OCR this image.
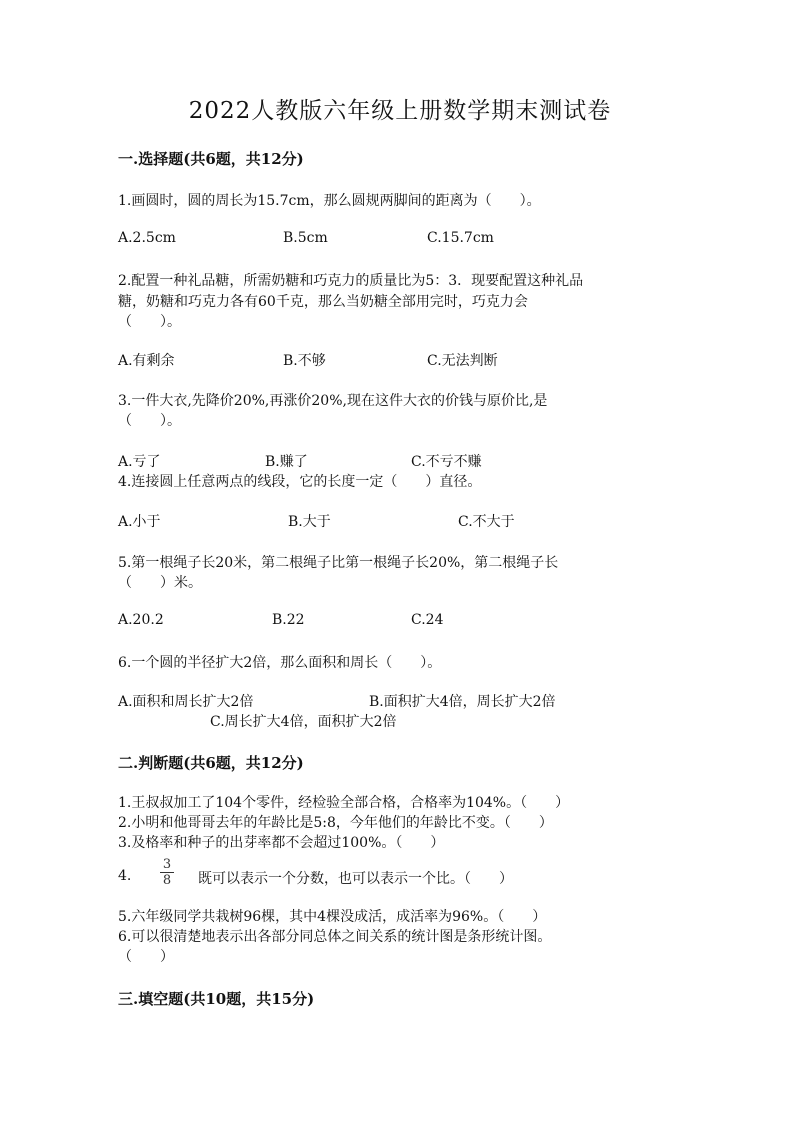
2022人教版六年级上册数学期末测试卷
一.选择题(共6题，共12分)
1.画圆时，圆的周长为15.7cm，那么圆规两脚间的距离为（　　）。
A.2.5cm	B.5cm	C.15.7cm
2.配置一种礼品糖，所需奶糖和巧克力的质量比为5：3．现要配置这种礼品
糖，奶糖和巧克力各有60千克，那么当奶糖全部用完时，巧克力会
（　　）。
A.有剩余	B.不够	C.无法判断
3.一件大衣,先降价20%,再涨价20%,现在这件大衣的价钱与原价比,是
（　　）。
A.亏了	B.赚了	C.不亏不赚
4.连接圆上任意两点的线段，它的长度一定（　　）直径。
A.小于	B.大于	C.不大于
5.第一根绳子长20米，第二根绳子比第一根绳子长20%，第二根绳子长
（　　）米。
A.20.2	B.22	C.24
6.一个圆的半径扩大2倍，那么面积和周长（　　）。
A.面积和周长扩大2倍	B.面积扩大4倍，周长扩大2倍
C.周长扩大4倍，面积扩大2倍
二.判断题(共6题，共12分)
1.王叔叔加工了104个零件，经检验全部合格，合格率为104%。（　　）
2.小明和他哥哥去年的年龄比是5:8，今年他们的年龄比不变。（　　）
3.及格率和种子的出芽率都不会超过100%。（　　）
4.
3
8	既可以表示一个分数，也可以表示一个比。（　　）
5.六年级同学共栽树96棵，其中4棵没成活，成活率为96%。（　　）
6.可以很清楚地表示出各部分同总体之间关系的统计图是条形统计图。
（　　）
三.填空题(共10题，共15分)
